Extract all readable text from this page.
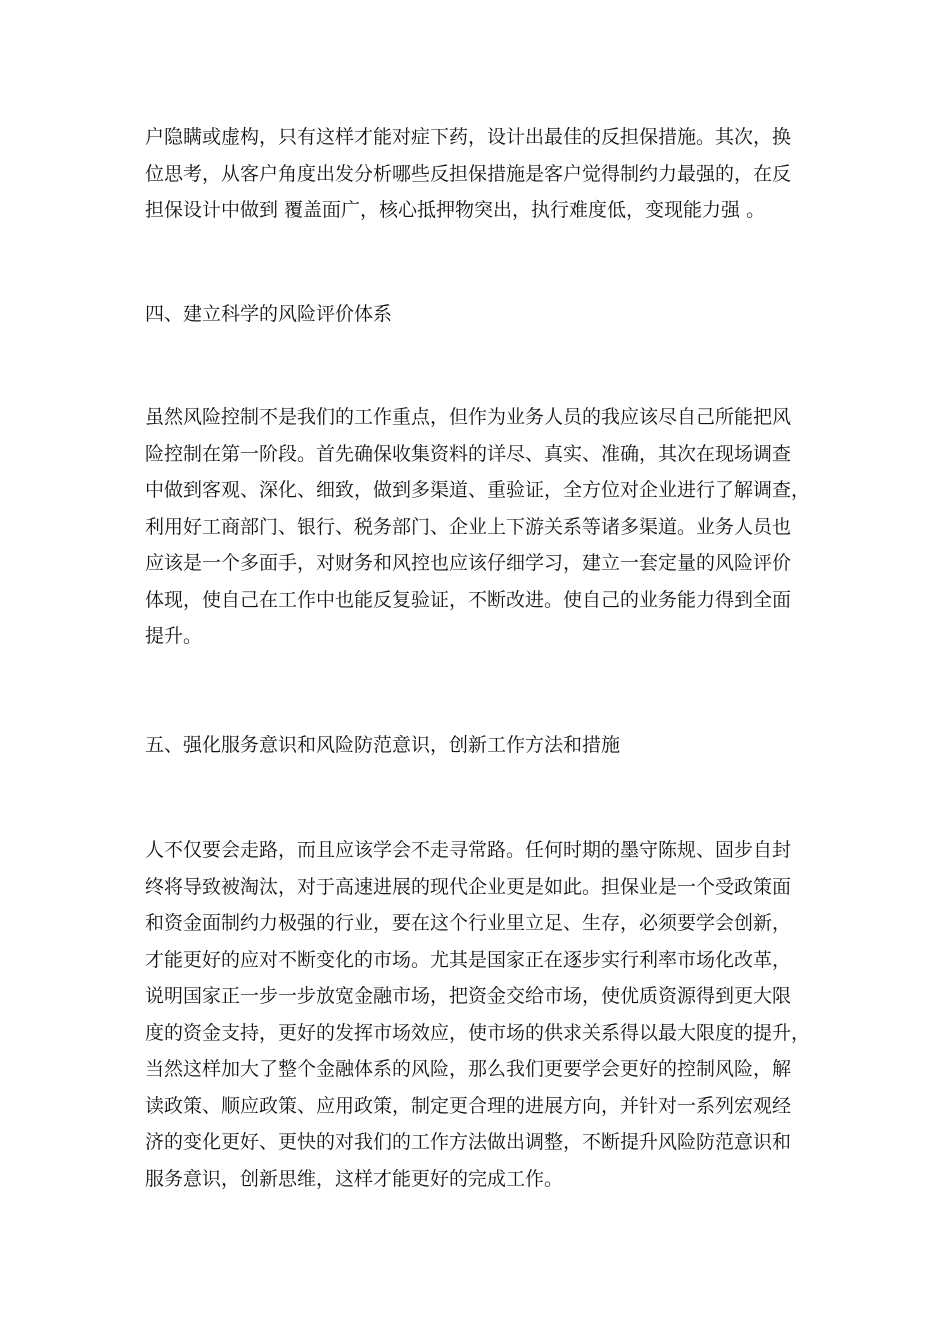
户隐瞒或虚构，只有这样才能对症下药，设计出最佳的反担保措施。其次，换
位思考，从客户角度出发分析哪些反担保措施是客户觉得制约力最强的，在反
担保设计中做到 覆盖面广，核心抵押物突出，执行难度低，变现能力强 。
四、建立科学的风险评价体系
虽然风险控制不是我们的工作重点，但作为业务人员的我应该尽自己所能把风
险控制在第一阶段。首先确保收集资料的详尽、真实、准确，其次在现场调查
中做到客观、深化、细致，做到多渠道、重验证，全方位对企业进行了解调查，
利用好工商部门、银行、税务部门、企业上下游关系等诸多渠道。业务人员也
应该是一个多面手，对财务和风控也应该仔细学习，建立一套定量的风险评价
体现，使自己在工作中也能反复验证，不断改进。使自己的业务能力得到全面
提升。
五、强化服务意识和风险防范意识，创新工作方法和措施
人不仅要会走路，而且应该学会不走寻常路。任何时期的墨守陈规、固步自封
终将导致被淘汰，对于高速进展的现代企业更是如此。担保业是一个受政策面
和资金面制约力极强的行业，要在这个行业里立足、生存，必须要学会创新，
才能更好的应对不断变化的市场。尤其是国家正在逐步实行利率市场化改革，
说明国家正一步一步放宽金融市场，把资金交给市场，使优质资源得到更大限
度的资金支持，更好的发挥市场效应，使市场的供求关系得以最大限度的提升，
当然这样加大了整个金融体系的风险，那么我们更要学会更好的控制风险，解
读政策、顺应政策、应用政策，制定更合理的进展方向，并针对一系列宏观经
济的变化更好、更快的对我们的工作方法做出调整，不断提升风险防范意识和
服务意识，创新思维，这样才能更好的完成工作。
